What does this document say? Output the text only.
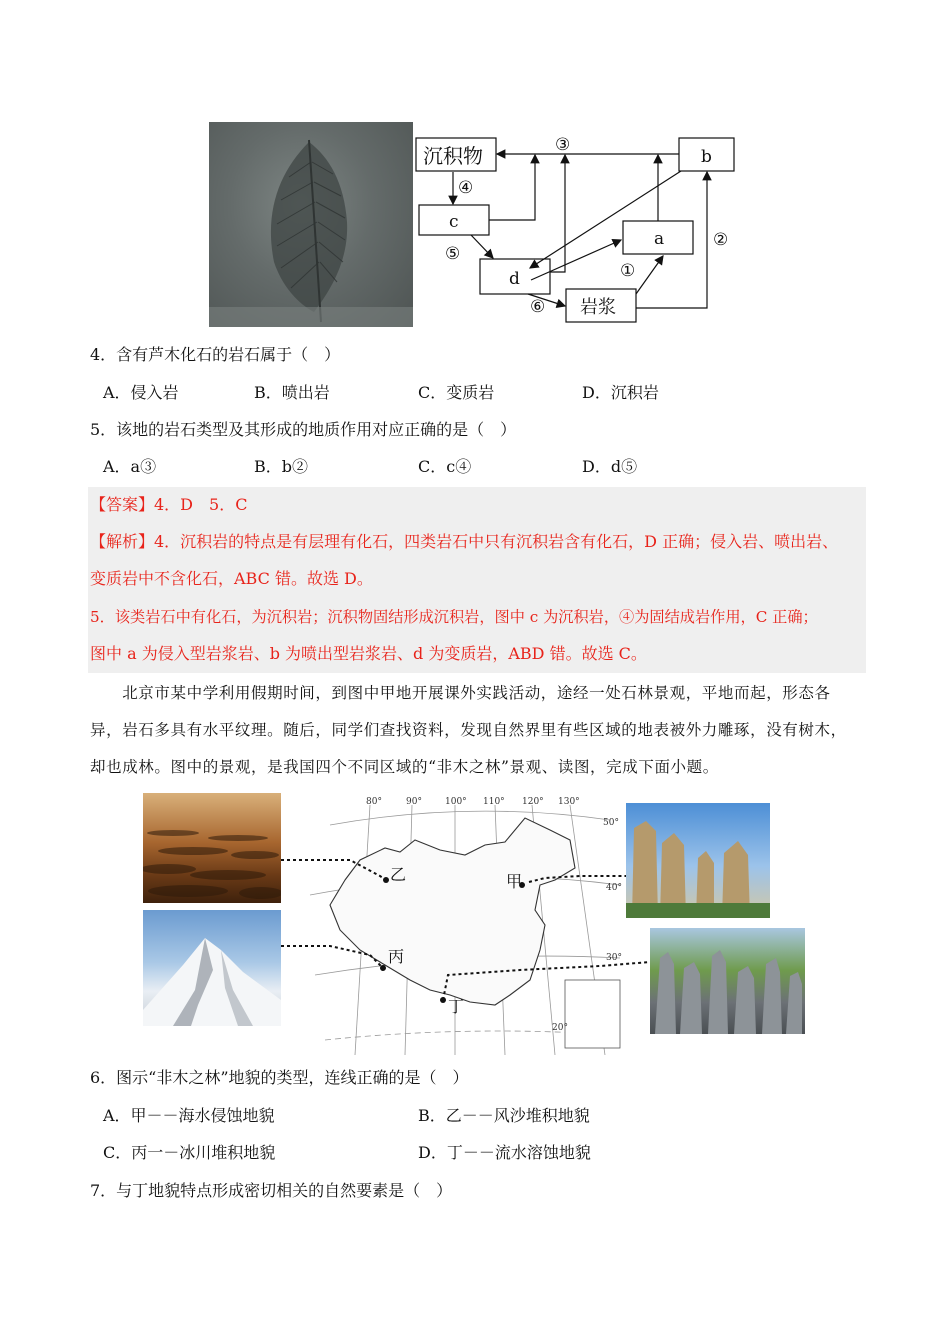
沉积物	b
c
a
d
岩浆
③
④
⑤
①
②
⑥
4．含有芦木化石的岩石属于（　）
A．侵入岩	B．喷出岩	C．变质岩	D．沉积岩
5．该地的岩石类型及其形成的地质作用对应正确的是（　）
A．a③	B．b②	C．c④	D．d⑤
【答案】4．D　5．C
【解析】4．沉积岩的特点是有层理有化石，四类岩石中只有沉积岩含有化石，D 正确；侵入岩、喷出岩、
变质岩中不含化石，ABC 错。故选 D。
5．该类岩石中有化石，为沉积岩；沉积物固结形成沉积岩，图中 c 为沉积岩，④为固结成岩作用，C 正确；
图中 a 为侵入型岩浆岩、b 为喷出型岩浆岩、d 为变质岩，ABD 错。故选 C。
　　北京市某中学利用假期时间，到图中甲地开展课外实践活动，途经一处石林景观，平地而起，形态各
异，岩石多具有水平纹理。随后，同学们查找资料，发现自然界里有些区域的地表被外力雕琢，没有树木，
却也成林。图中的景观，是我国四个不同区域的“非木之林”景观、读图，完成下面小题。
80°	90°	100° 110° 120° 130°
50°
40°
30°
20°
乙	甲
丙
丁
6．图示“非木之林”地貌的类型，连线正确的是（　）
A．甲－－海水侵蚀地貌	B．乙－－风沙堆积地貌
C．丙一－冰川堆积地貌	D．丁－－流水溶蚀地貌
7．与丁地貌特点形成密切相关的自然要素是（　）
